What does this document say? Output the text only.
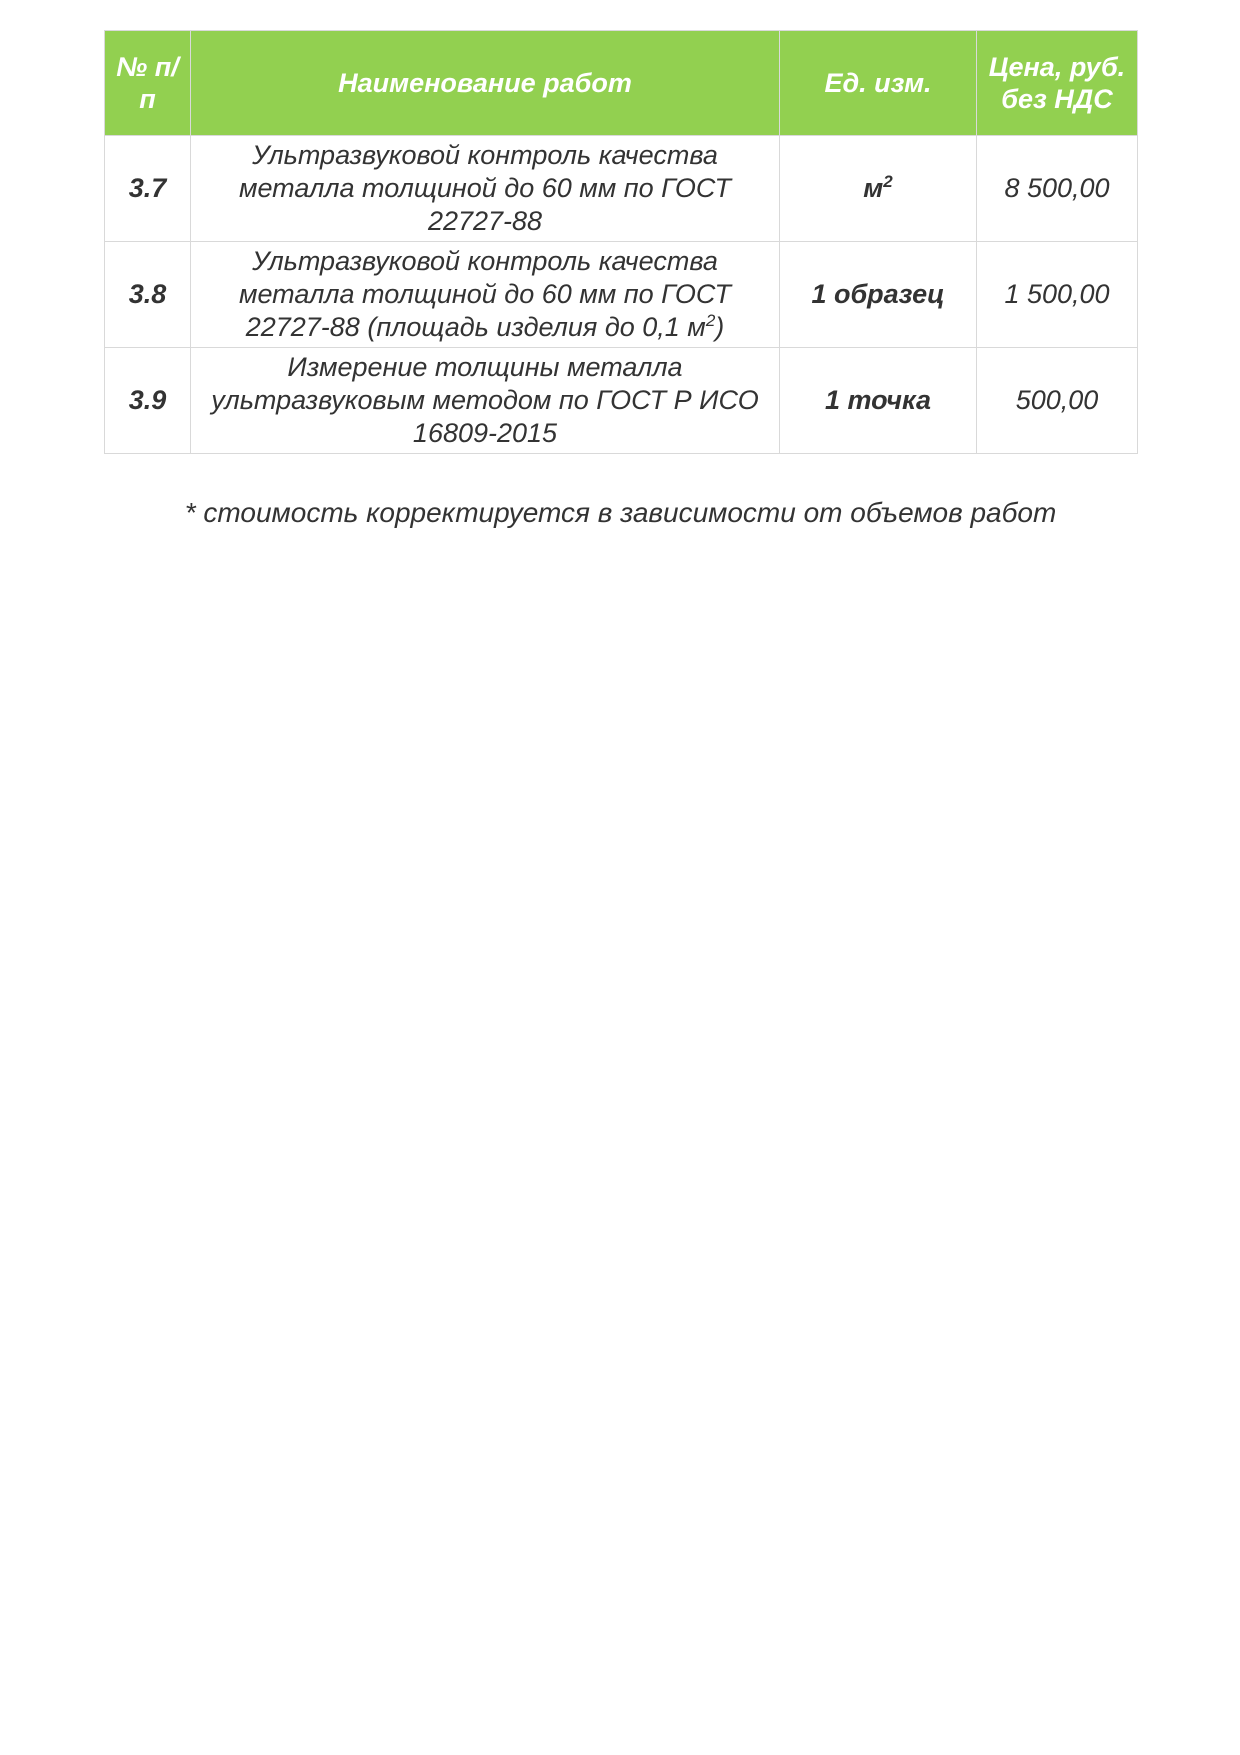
№ п/п	Наименование работ	Ед. изм.	Цена, руб. без НДС
3.7	Ультразвуковой контроль качества металла толщиной до 60 мм по ГОСТ 22727-88	$м^2$	8 500,00
3.8	Ультразвуковой контроль качества металла толщиной до 60 мм по ГОСТ 22727-88 (площадь изделия до 0,1 $м^2$)	1 образец	1 500,00
3.9	Измерение толщины металла ультразвуковым методом по ГОСТ Р ИСО 16809-2015	1 точка	500,00
* стоимость корректируется в зависимости от объемов работ
